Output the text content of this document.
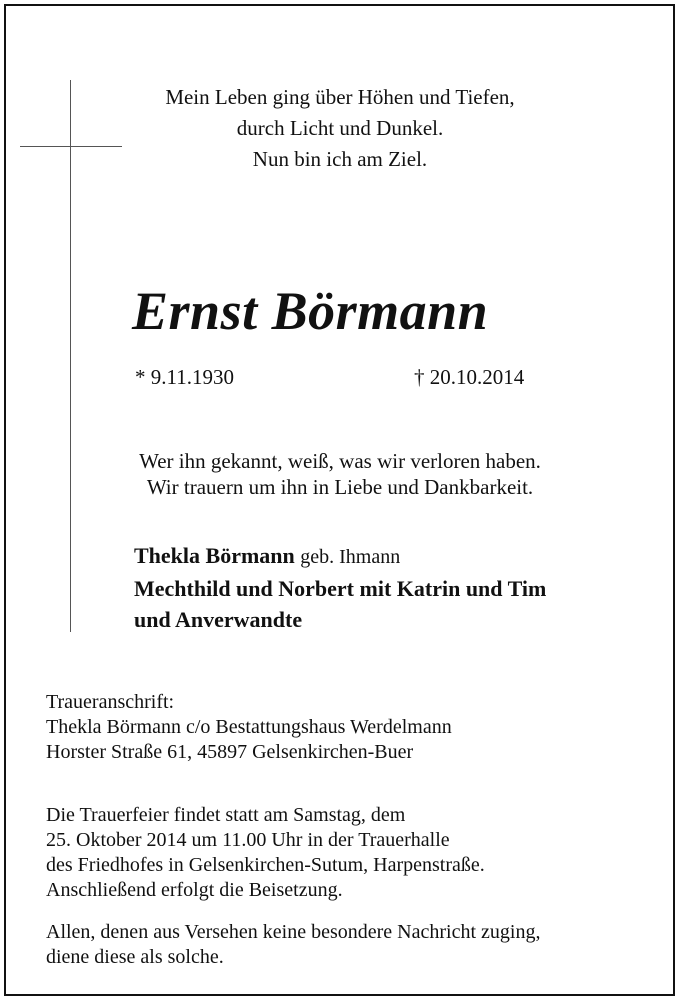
Mein Leben ging über Höhen und Tiefen,
durch Licht und Dunkel.
Nun bin ich am Ziel.
Ernst Börmann
* 9.11.1930	† 20.10.2014
Wer ihn gekannt, weiß, was wir verloren haben.
Wir trauern um ihn in Liebe und Dankbarkeit.
Thekla Börmann geb. Ihmann
Mechthild und Norbert mit Katrin und Tim
und Anverwandte
Traueranschrift:
Thekla Börmann c/o Bestattungshaus Werdelmann
Horster Straße 61, 45897 Gelsenkirchen-Buer
Die Trauerfeier findet statt am Samstag, dem
25. Oktober 2014 um 11.00 Uhr in der Trauerhalle
des Friedhofes in Gelsenkirchen-Sutum, Harpenstraße.
Anschließend erfolgt die Beisetzung.
Allen, denen aus Versehen keine besondere Nachricht zuging,
diene diese als solche.
